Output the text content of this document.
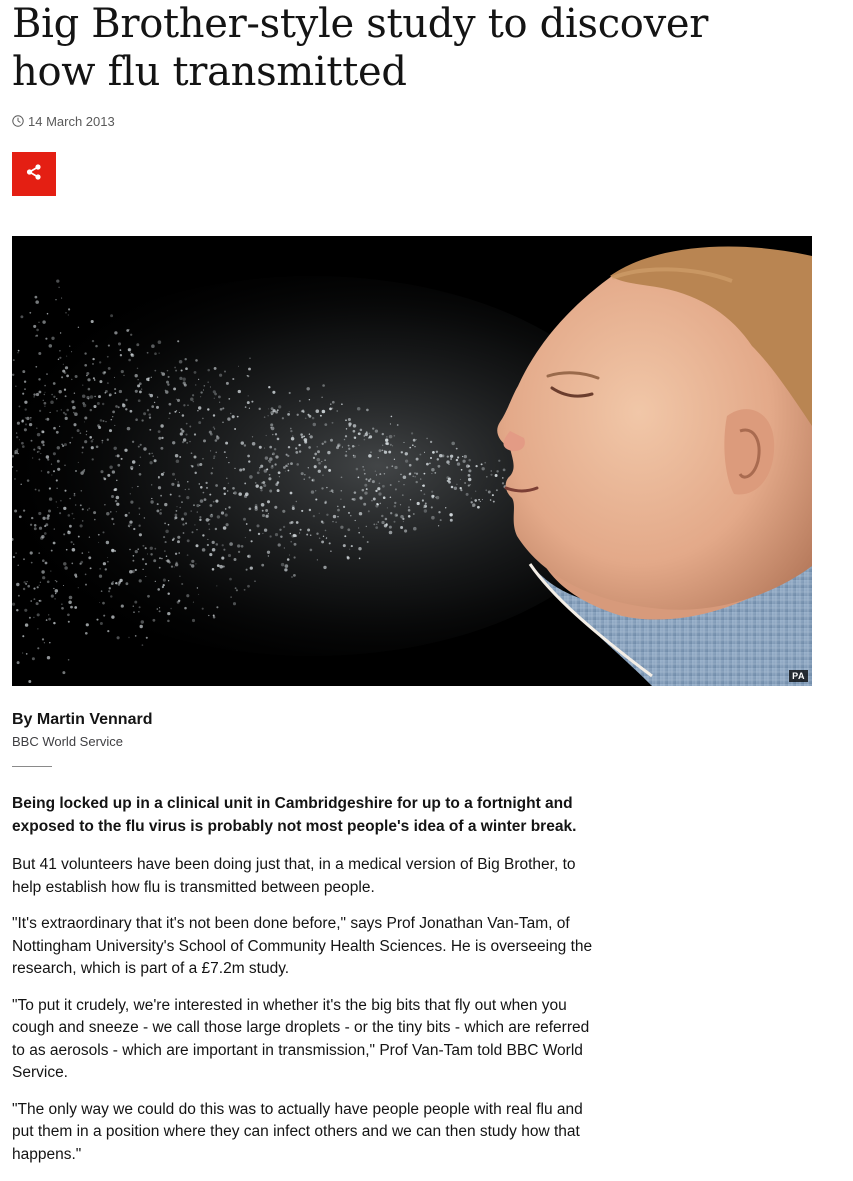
Big Brother-style study to discover how flu transmitted
14 March 2013
PA
By Martin Vennard
BBC World Service

Being locked up in a clinical unit in Cambridgeshire for up to a fortnight and exposed to the flu virus is probably not most people's idea of a winter break.

But 41 volunteers have been doing just that, in a medical version of Big Brother, to help establish how flu is transmitted between people.

"It's extraordinary that it's not been done before," says Prof Jonathan Van-Tam, of Nottingham University's School of Community Health Sciences. He is overseeing the research, which is part of a £7.2m study.

"To put it crudely, we're interested in whether it's the big bits that fly out when you cough and sneeze - we call those large droplets - or the tiny bits - which are referred to as aerosols - which are important in transmission," Prof Van-Tam told BBC World Service.

"The only way we could do this was to actually have people people with real flu and put them in a position where they can infect others and we can then study how that happens."
